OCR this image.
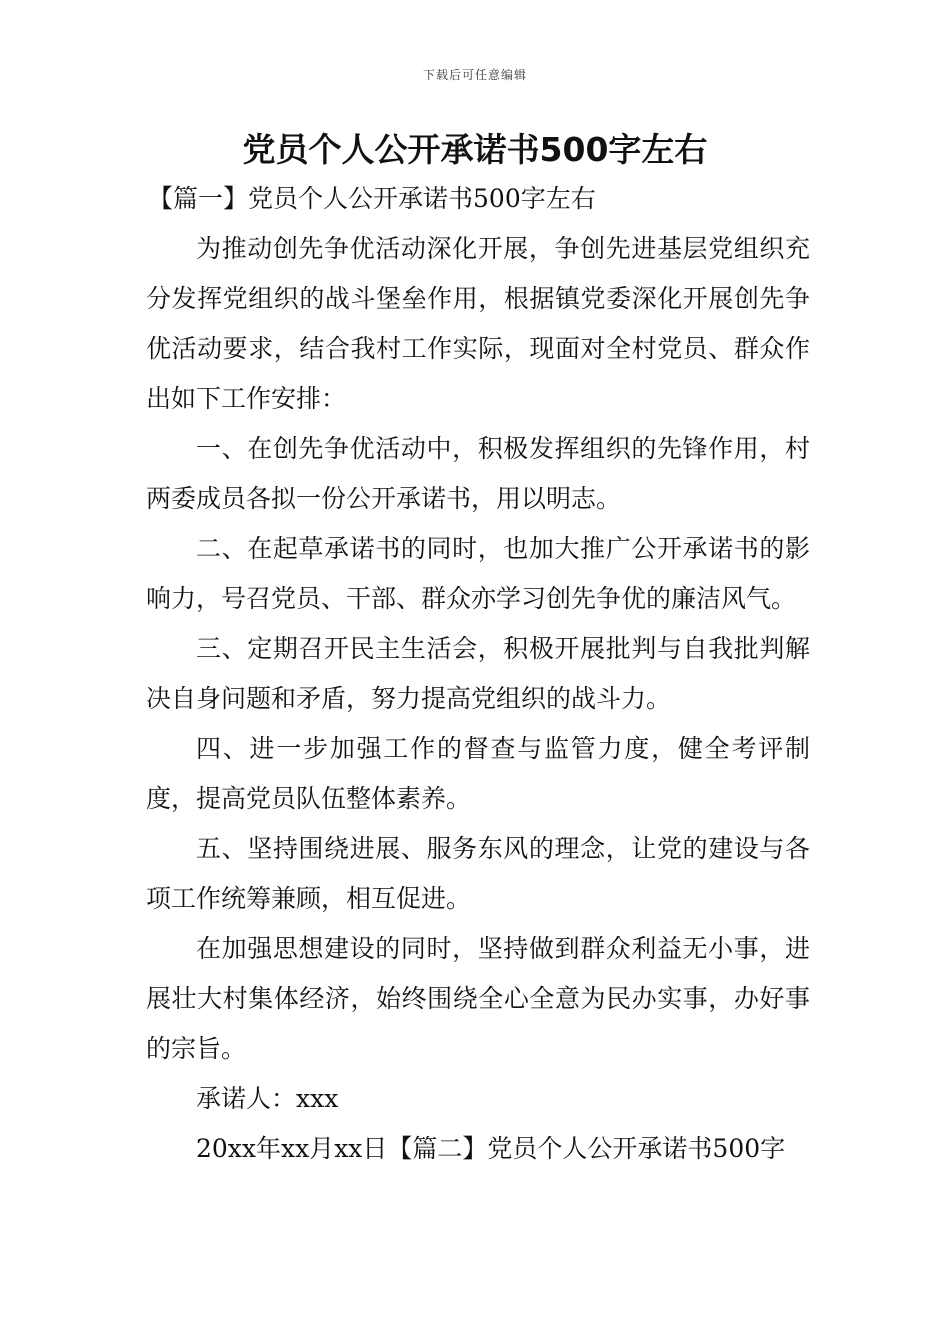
下载后可任意编辑
党员个人公开承诺书500字左右
【篇一】党员个人公开承诺书500字左右

为推动创先争优活动深化开展，争创先进基层党组织充分发挥党组织的战斗堡垒作用，根据镇党委深化开展创先争优活动要求，结合我村工作实际，现面对全村党员、群众作出如下工作安排：

一、在创先争优活动中，积极发挥组织的先锋作用，村两委成员各拟一份公开承诺书，用以明志。

二、在起草承诺书的同时，也加大推广公开承诺书的影响力，号召党员、干部、群众亦学习创先争优的廉洁风气。

三、定期召开民主生活会，积极开展批判与自我批判解决自身问题和矛盾，努力提高党组织的战斗力。

四、进一步加强工作的督查与监管力度，健全考评制度，提高党员队伍整体素养。

五、坚持围绕进展、服务东风的理念，让党的建设与各项工作统筹兼顾，相互促进。

在加强思想建设的同时，坚持做到群众利益无小事，进展壮大村集体经济，始终围绕全心全意为民办实事，办好事的宗旨。

承诺人：xxx

20xx年xx月xx日【篇二】党员个人公开承诺书500字
